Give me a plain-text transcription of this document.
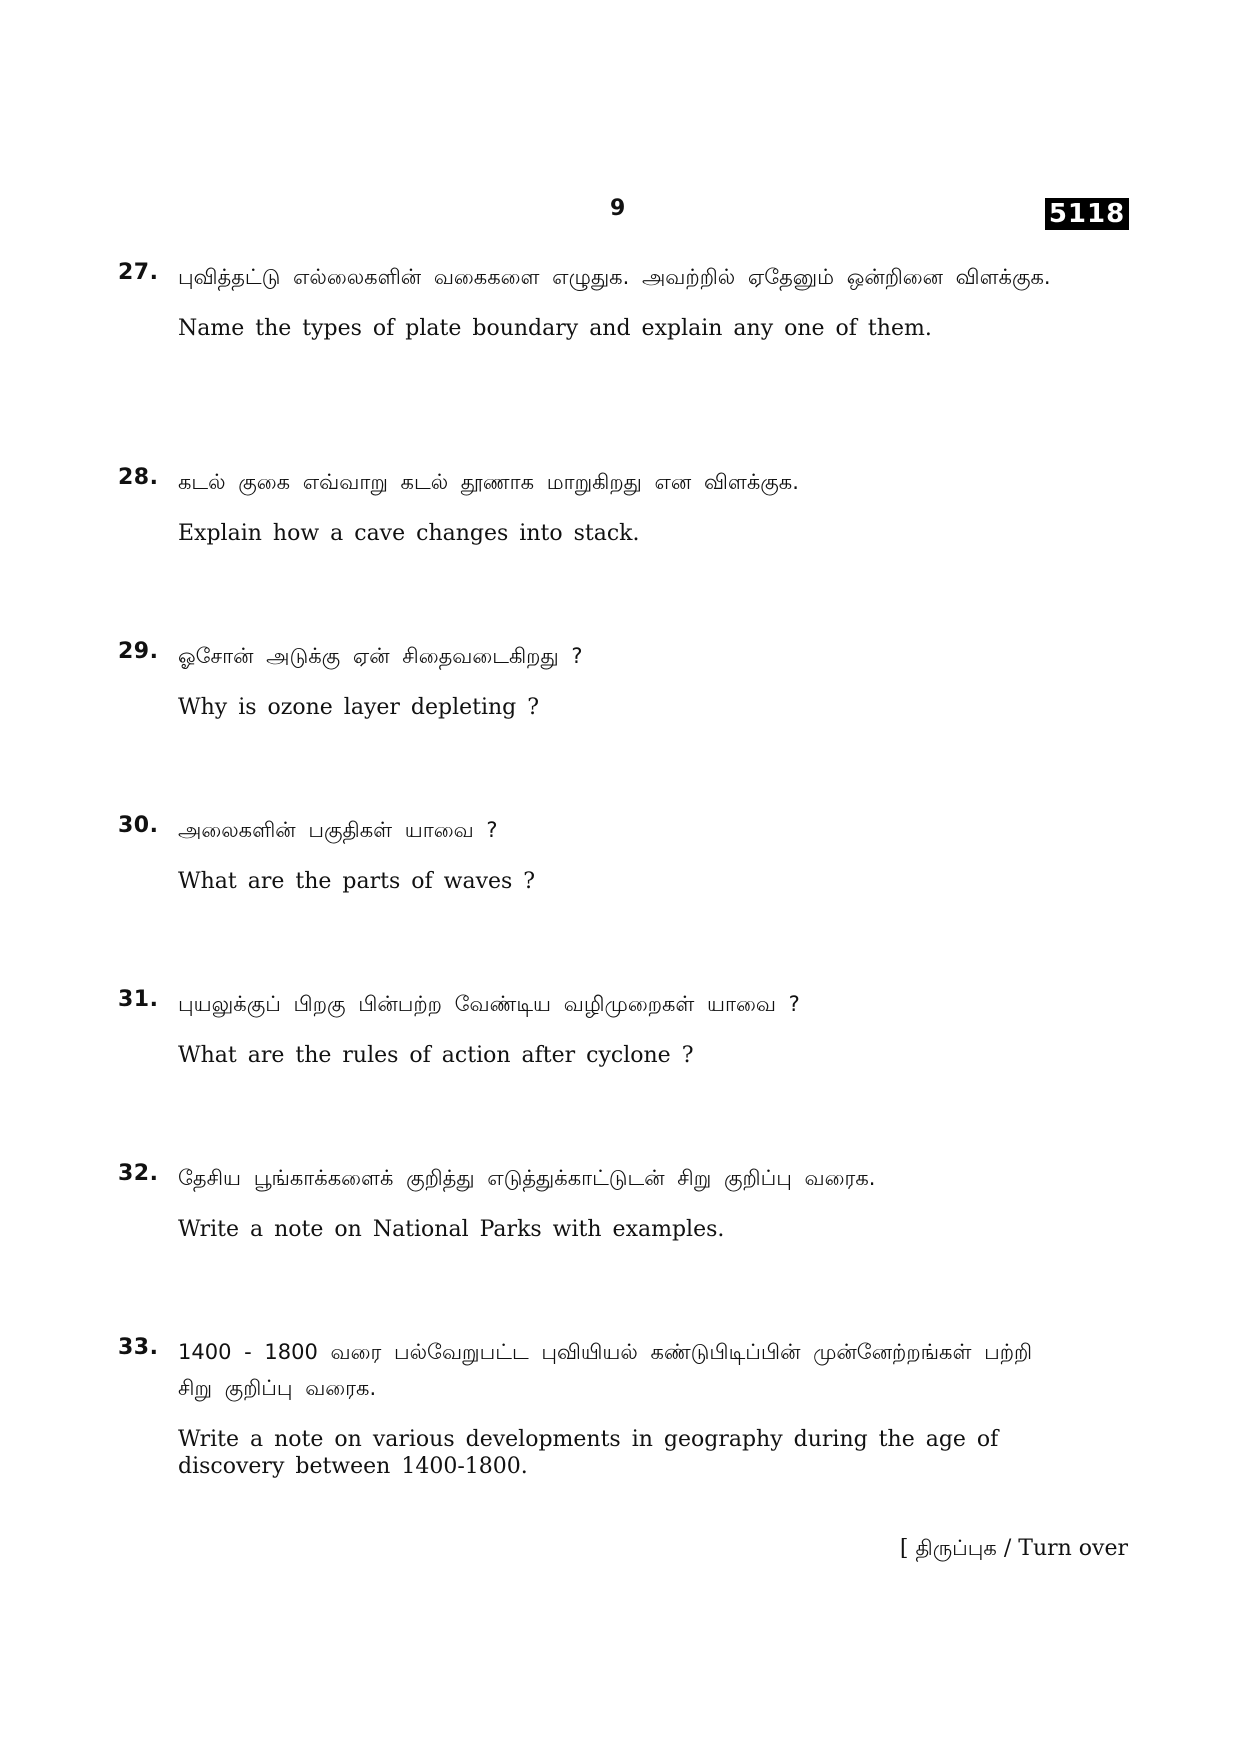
9	5118
27. புவித்தட்டு எல்லைகளின் வகைகளை எழுதுக. அவற்றில் ஏதேனும் ஒன்றினை விளக்குக.

Name the types of plate boundary and explain any one of them.

28. கடல் குகை எவ்வாறு கடல் தூணாக மாறுகிறது என விளக்குக.

Explain how a cave changes into stack.

29. ஓசோன் அடுக்கு ஏன் சிதைவடைகிறது ?

Why is ozone layer depleting ?

30. அலைகளின் பகுதிகள் யாவை ?

What are the parts of waves ?

31. புயலுக்குப் பிறகு பின்பற்ற வேண்டிய வழிமுறைகள் யாவை ?

What are the rules of action after cyclone ?

32. தேசிய பூங்காக்களைக் குறித்து எடுத்துக்காட்டுடன் சிறு குறிப்பு வரைக.

Write a note on National Parks with examples.

33. 1400 - 1800 வரை பல்வேறுபட்ட புவியியல் கண்டுபிடிப்பின் முன்னேற்றங்கள் பற்றி சிறு குறிப்பு வரைக.

Write a note on various developments in geography during the age of discovery between 1400-1800.

[ திருப்புக / Turn over
